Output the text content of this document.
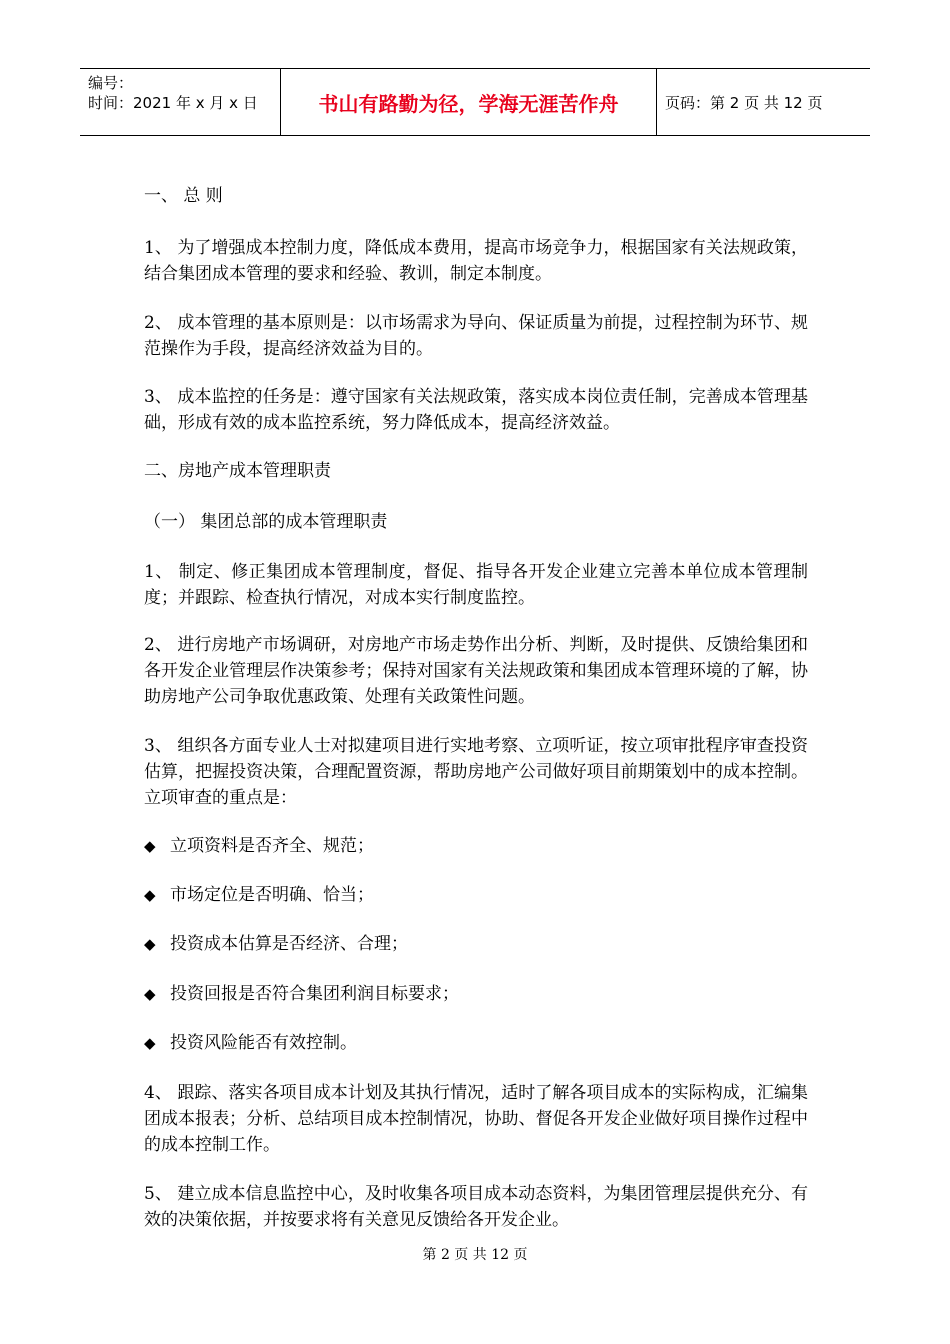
编号：
时间：2021 年 x 月 x 日	书山有路勤为径，学海无涯苦作舟	页码：第 2 页 共 12 页

一、 总 则

1、 为了增强成本控制力度，降低成本费用，提高市场竞争力，根据国家有关法规政策，结合集团成本管理的要求和经验、教训，制定本制度。

2、 成本管理的基本原则是：以市场需求为导向、保证质量为前提，过程控制为环节、规范操作为手段，提高经济效益为目的。

3、 成本监控的任务是：遵守国家有关法规政策，落实成本岗位责任制，完善成本管理基础，形成有效的成本监控系统，努力降低成本，提高经济效益。

二、房地产成本管理职责

（一） 集团总部的成本管理职责

1、 制定、修正集团成本管理制度，督促、指导各开发企业建立完善本单位成本管理制度；并跟踪、检查执行情况，对成本实行制度监控。

2、 进行房地产市场调研，对房地产市场走势作出分析、判断，及时提供、反馈给集团和各开发企业管理层作决策参考；保持对国家有关法规政策和集团成本管理环境的了解，协助房地产公司争取优惠政策、处理有关政策性问题。

3、 组织各方面专业人士对拟建项目进行实地考察、立项听证，按立项审批程序审查投资估算，把握投资决策，合理配置资源，帮助房地产公司做好项目前期策划中的成本控制。立项审查的重点是：

◆ 立项资料是否齐全、规范；
◆ 市场定位是否明确、恰当；
◆ 投资成本估算是否经济、合理；
◆ 投资回报是否符合集团利润目标要求；
◆ 投资风险能否有效控制。

4、 跟踪、落实各项目成本计划及其执行情况，适时了解各项目成本的实际构成，汇编集团成本报表；分析、总结项目成本控制情况，协助、督促各开发企业做好项目操作过程中的成本控制工作。

5、 建立成本信息监控中心，及时收集各项目成本动态资料，为集团管理层提供充分、有效的决策依据，并按要求将有关意见反馈给各开发企业。

第 2 页 共 12 页
